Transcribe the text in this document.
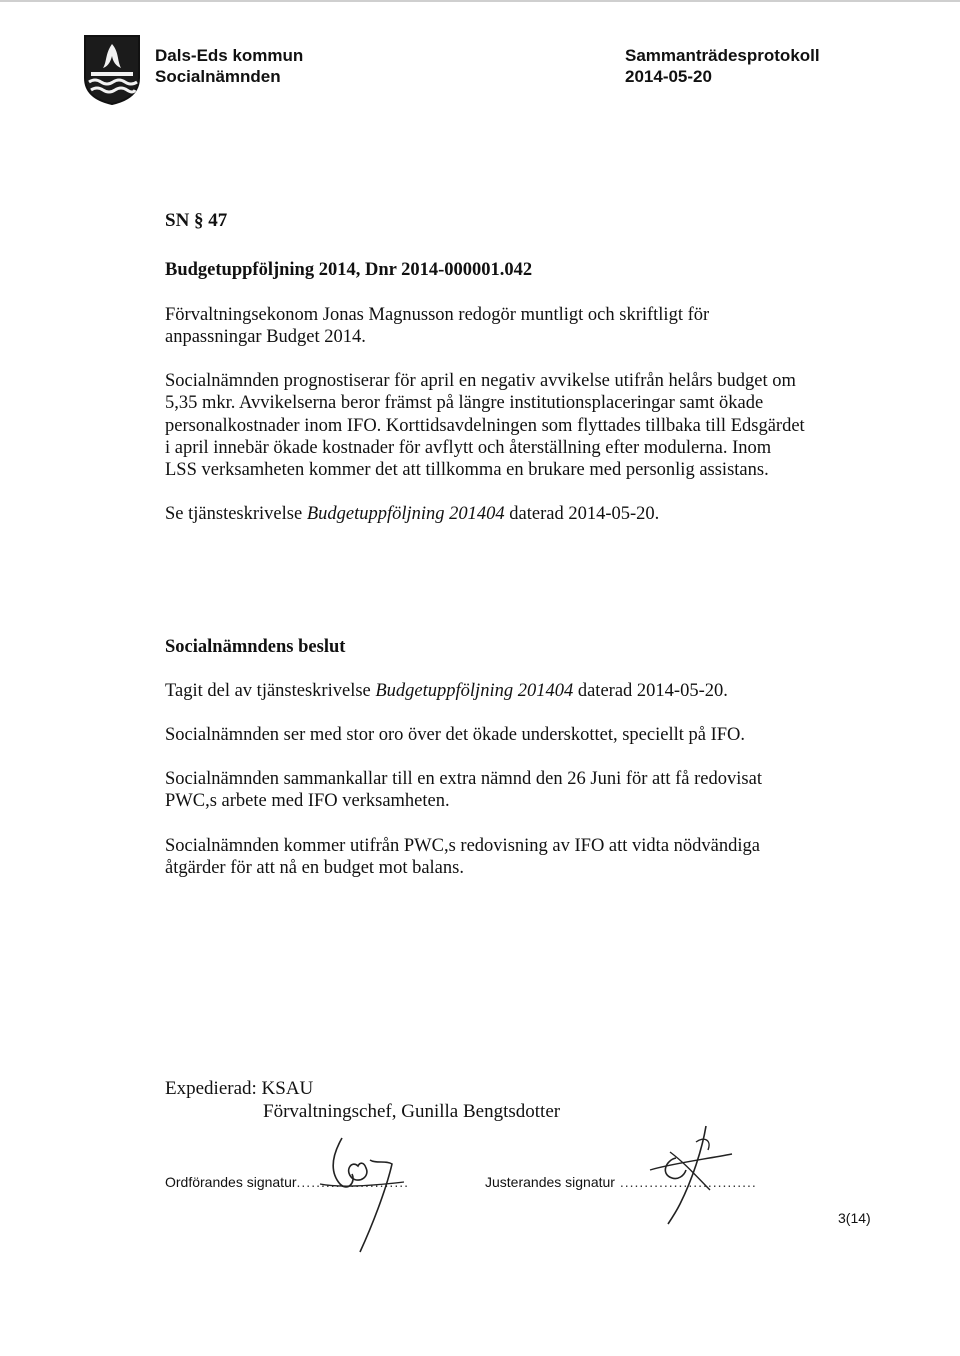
Dals-Eds kommun
Socialnämnden
Sammanträdesprotokoll
2014-05-20
SN § 47
Budgetuppföljning 2014, Dnr 2014-000001.042
Förvaltningsekonom Jonas Magnusson redogör muntligt och skriftligt för
anpassningar Budget 2014.
Socialnämnden prognostiserar för april en negativ avvikelse utifrån helårs budget om
5,35 mkr. Avvikelserna beror främst på längre institutionsplaceringar samt ökade
personalkostnader inom IFO. Korttidsavdelningen som flyttades tillbaka till Edsgärdet
i april innebär ökade kostnader för avflytt och återställning efter modulerna. Inom
LSS verksamheten kommer det att tillkomma en brukare med personlig assistans.
Se tjänsteskrivelse Budgetuppföljning 201404 daterad 2014-05-20.
Socialnämndens beslut
Tagit del av tjänsteskrivelse Budgetuppföljning 201404 daterad 2014-05-20.
Socialnämnden ser med stor oro över det ökade underskottet, speciellt på IFO.
Socialnämnden sammankallar till en extra nämnd den 26 Juni för att få redovisat
PWC,s arbete med IFO verksamheten.
Socialnämnden kommer utifrån PWC,s redovisning av IFO att vidta nödvändiga
åtgärder för att nå en budget mot balans.
Expedierad: KSAU
Förvaltningschef, Gunilla Bengtsdotter
Ordförandes signatur.......................	Justerandes signatur ............................
3(14)
